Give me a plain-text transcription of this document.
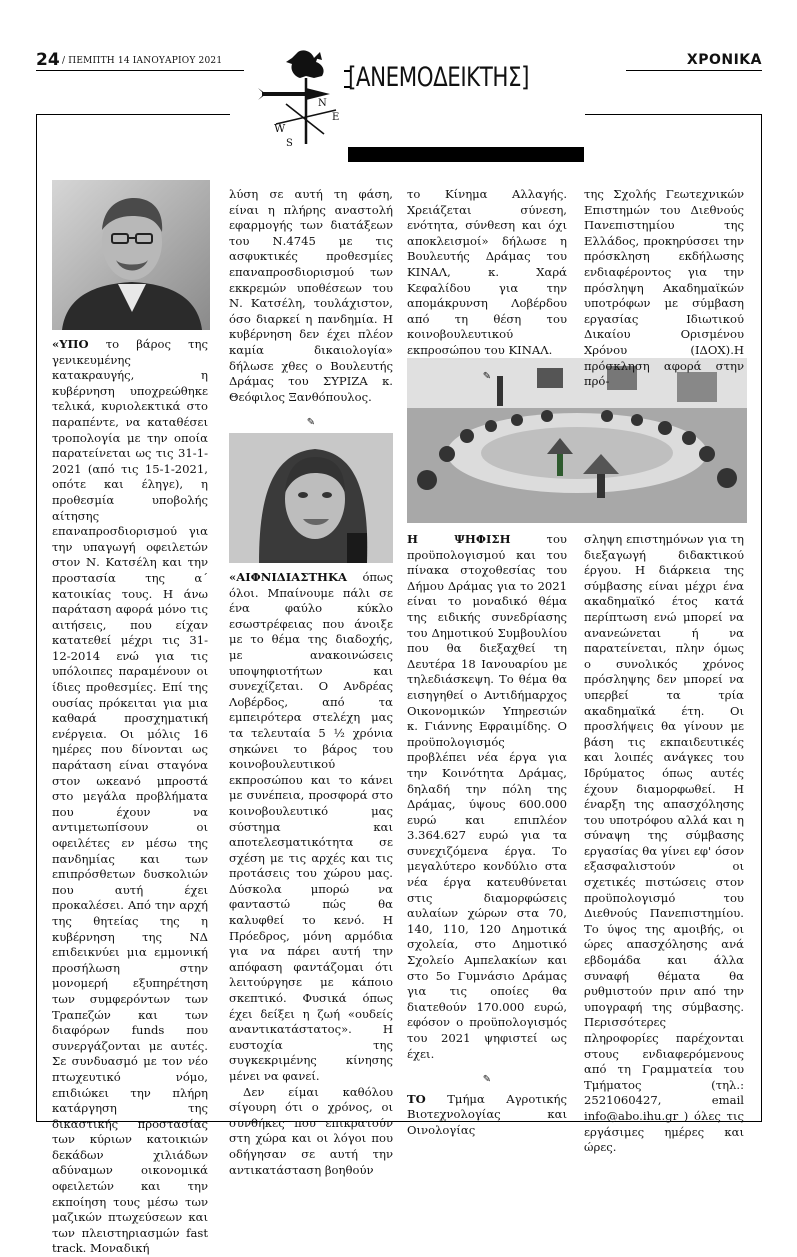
24 / ΠΕΜΠΤΗ 14 ΙΑΝΟΥΑΡΙΟΥ 2021	ΧΡΟΝΙΚΑ
W
S
N
E
[ΑΝΕΜΟΔΕΙΚΤΗΣ]

«ΥΠΟ το βάρος της γενικευμένης κατακραυγής, η κυβέρνηση υποχρεώθηκε τελικά, κυριολεκτικά στο παραπέντε, να καταθέσει τροπολογία με την οποία παρατείνεται ως τις 31-1-2021 (από τις 15-1-2021, οπότε και έληγε), η προθεσμία υποβολής αίτησης επαναπροσδιορισμού για την υπαγωγή οφειλετών στον Ν. Κατσέλη και την προστασία της α΄ κατοικίας τους. Η άνω παράταση αφορά μόνο τις αιτήσεις, που είχαν κατατεθεί μέχρι τις 31-12-2014 ενώ για τις υπόλοιπες παραμένουν οι ίδιες προθεσμίες. Επί της ουσίας πρόκειται για μια καθαρά προσχηματική ενέργεια. Οι μόλις 16 ημέρες που δίνονται ως παράταση είναι σταγόνα στον ωκεανό μπροστά στο μεγάλα προβλήματα που έχουν να αντιμετωπίσουν οι οφειλέτες εν μέσω της πανδημίας και των επιπρόσθετων δυσκολιών που αυτή έχει προκαλέσει. Από την αρχή της θητείας της η κυβέρνηση της ΝΔ επιδεικνύει μια εμμονική προσήλωση στην μονομερή εξυπηρέτηση των συμφερόντων των Τραπεζών και των διαφόρων funds που συνεργάζονται με αυτές. Σε συνδυασμό με τον νέο πτωχευτικό νόμο, επιδιώκει την πλήρη κατάργηση της δικαστικής προστασίας των κύριων κατοικιών δεκάδων χιλιάδων αδύναμων οικονομικά οφειλετών και την εκποίηση τους μέσω των μαζικών πτωχεύσεων και των πλειστηριασμών fast track. Μοναδική

λύση σε αυτή τη φάση, είναι η πλήρης αναστολή εφαρμογής των διατάξεων του Ν.4745 με τις ασφυκτικές προθεσμίες επαναπροσδιορισμού των εκκρεμών υποθέσεων του Ν. Κατσέλη, τουλάχιστον, όσο διαρκεί η πανδημία. Η κυβέρνηση δεν έχει πλέον καμία δικαιολογία» δήλωσε χθες ο Βουλευτής Δράμας του ΣΥΡΙΖΑ κ. Θεόφιλος Ξανθόπουλος.

✎

«ΑΙΦΝΙΔΙΑΣΤΗΚΑ όπως όλοι. Μπαίνουμε πάλι σε ένα φαύλο κύκλο εσωστρέφειας που άνοιξε με το θέμα της διαδοχής, με ανακοινώσεις υποψηφιοτήτων και συνεχίζεται. Ο Ανδρέας Λοβέρδος, από τα εμπειρότερα στελέχη μας τα τελευταία 5 ½ χρόνια σηκώνει το βάρος του κοινοβουλευτικού εκπροσώπου και το κάνει με συνέπεια, προσφορά στο κοινοβουλευτικό μας σύστημα και αποτελεσματικότητα σε σχέση με τις αρχές και τις προτάσεις του χώρου μας. Δύσκολα μπορώ να φανταστώ πώς θα καλυφθεί το κενό. Η Πρόεδρος, μόνη αρμόδια για να πάρει αυτή την απόφαση φαντάζομαι ότι λειτούργησε με κάποιο σκεπτικό. Φυσικά όπως έχει δείξει η ζωή «ουδείς αναντικατάστατος». Η ευστοχία της συγκεκριμένης κίνησης μένει να φανεί.

Δεν είμαι καθόλου σίγουρη ότι ο χρόνος, οι συνθήκες που επικρατούν στη χώρα και οι λόγοι που οδήγησαν σε αυτή την αντικατάσταση βοηθούν

το Κίνημα Αλλαγής. Χρειάζεται σύνεση, ενότητα, σύνθεση και όχι αποκλεισμοί» δήλωσε η Βουλευτής Δράμας του ΚΙΝΑΛ, κ. Χαρά Κεφαλίδου για την απομάκρυνση Λοβέρδου από τη θέση του κοινοβουλευτικού εκπροσώπου του ΚΙΝΑΛ.

✎

Η ΨΗΦΙΣΗ του προϋπολογισμού και του πίνακα στοχοθεσίας του Δήμου Δράμας για το 2021 είναι το μοναδικό θέμα της ειδικής συνεδρίασης του Δημοτικού Συμβουλίου που θα διεξαχθεί τη Δευτέρα 18 Ιανουαρίου με τηλεδιάσκεψη. Το θέμα θα εισηγηθεί ο Αντιδήμαρχος Οικονομικών Υπηρεσιών κ. Γιάννης Εφραιμίδης. Ο προϋπολογισμός προβλέπει νέα έργα για την Κοινότητα Δράμας, δηλαδή την πόλη της Δράμας, ύψους 600.000 ευρώ και επιπλέον 3.364.627 ευρώ για τα συνεχιζόμενα έργα. Το μεγαλύτερο κονδύλιο στα νέα έργα κατευθύνεται στις διαμορφώσεις αυλαίων χώρων στα 70, 140, 110, 120 Δημοτικά σχολεία, στο Δημοτικό Σχολείο Αμπελακίων και στο 5ο Γυμνάσιο Δράμας για τις οποίες θα διατεθούν 170.000 ευρώ, εφόσον ο προϋπολογισμός του 2021 ψηφιστεί ως έχει.

✎

ΤΟ Τμήμα Αγροτικής Βιοτεχνολογίας και Οινολογίας

της Σχολής Γεωτεχνικών Επιστημών του Διεθνούς Πανεπιστημίου της Ελλάδος, προκηρύσσει την πρόσκληση εκδήλωσης ενδιαφέροντος για την πρόσληψη Ακαδημαϊκών υποτρόφων με σύμβαση εργασίας Ιδιωτικού Δικαίου Ορισμένου Χρόνου (ΙΔΟΧ).Η πρόσκληση αφορά στην πρό-

σληψη επιστημόνων για τη διεξαγωγή διδακτικού έργου. Η διάρκεια της σύμβασης είναι μέχρι ένα ακαδημαϊκό έτος κατά περίπτωση ενώ μπορεί να ανανεώνεται ή να παρατείνεται, πλην όμως ο συνολικός χρόνος πρόσληψης δεν μπορεί να υπερβεί τα τρία ακαδημαϊκά έτη. Οι προσλήψεις θα γίνουν με βάση τις εκπαιδευτικές και λοιπές ανάγκες του Ιδρύματος όπως αυτές έχουν διαμορφωθεί. Η έναρξη της απασχόλησης του υποτρόφου αλλά και η σύναψη της σύμβασης εργασίας θα γίνει εφ' όσον εξασφαλιστούν οι σχετικές πιστώσεις στον προϋπολογισμό του Διεθνούς Πανεπιστημίου. Το ύψος της αμοιβής, οι ώρες απασχόλησης ανά εβδομάδα και άλλα συναφή θέματα θα ρυθμιστούν πριν από την υπογραφή της σύμβασης. Περισσότερες πληροφορίες παρέχονται στους ενδιαφερόμενους από τη Γραμματεία του Τμήματος (τηλ.: 2521060427, email info@abo.ihu.gr ) όλες τις εργάσιμες ημέρες και ώρες.
